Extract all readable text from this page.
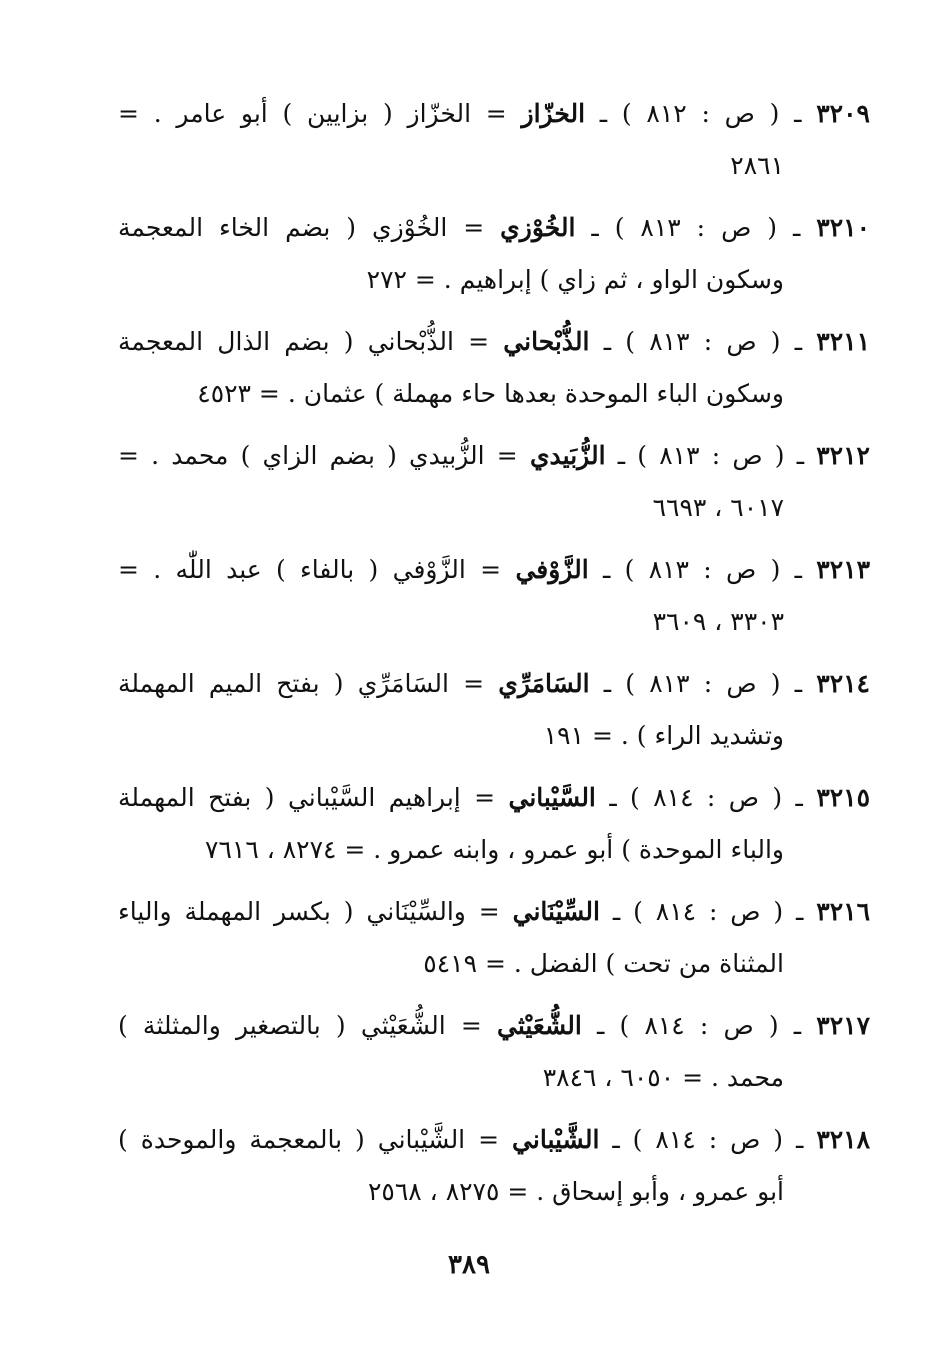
٣٢٠٩ ـ ( ص : ٨١٢ ) ـ الخزّاز = الخزّاز ( بزايين ) أبو عامر . =
٢٨٦١
٣٢١٠ ـ ( ص : ٨١٣ ) ـ الخُوْزي = الخُوْزي ( بضم الخاء المعجمة
وسكون الواو ، ثم زاي ) إبراهيم . = ٢٧٢
٣٢١١ ـ ( ص : ٨١٣ ) ـ الذُّبْحاني = الذُّبْحاني ( بضم الذال المعجمة
وسكون الباء الموحدة بعدها حاء مهملة ) عثمان . = ٤٥٢٣
٣٢١٢ ـ ( ص : ٨١٣ ) ـ الزُّبَيدي = الزُّبيدي ( بضم الزاي ) محمد . =
٦٠١٧ ، ٦٦٩٣
٣٢١٣ ـ ( ص : ٨١٣ ) ـ الزَّوْفي = الزَّوْفي ( بالفاء ) عبد اللّٰه . =
٣٣٠٣ ، ٣٦٠٩
٣٢١٤ ـ ( ص : ٨١٣ ) ـ السَامَرِّي = السَامَرِّي ( بفتح الميم المهملة
وتشديد الراء ) . = ١٩١
٣٢١٥ ـ ( ص : ٨١٤ ) ـ السَّيْباني = إبراهيم السَّيْباني ( بفتح المهملة
والباء الموحدة ) أبو عمرو ، وابنه عمرو . = ٨٢٧٤ ، ٧٦١٦
٣٢١٦ ـ ( ص : ٨١٤ ) ـ السِّيْنَاني = والسِّيْنَاني ( بكسر المهملة والياء
المثناة من تحت ) الفضل . = ٥٤١٩
٣٢١٧ ـ ( ص : ٨١٤ ) ـ الشُّعَيْثي = الشُّعَيْثي ( بالتصغير والمثلثة )
محمد . = ٦٠٥٠ ، ٣٨٤٦
٣٢١٨ ـ ( ص : ٨١٤ ) ـ الشَّيْباني = الشَّيْباني ( بالمعجمة والموحدة )
أبو عمرو ، وأبو إسحاق . = ٨٢٧٥ ، ٢٥٦٨
٣٨٩
